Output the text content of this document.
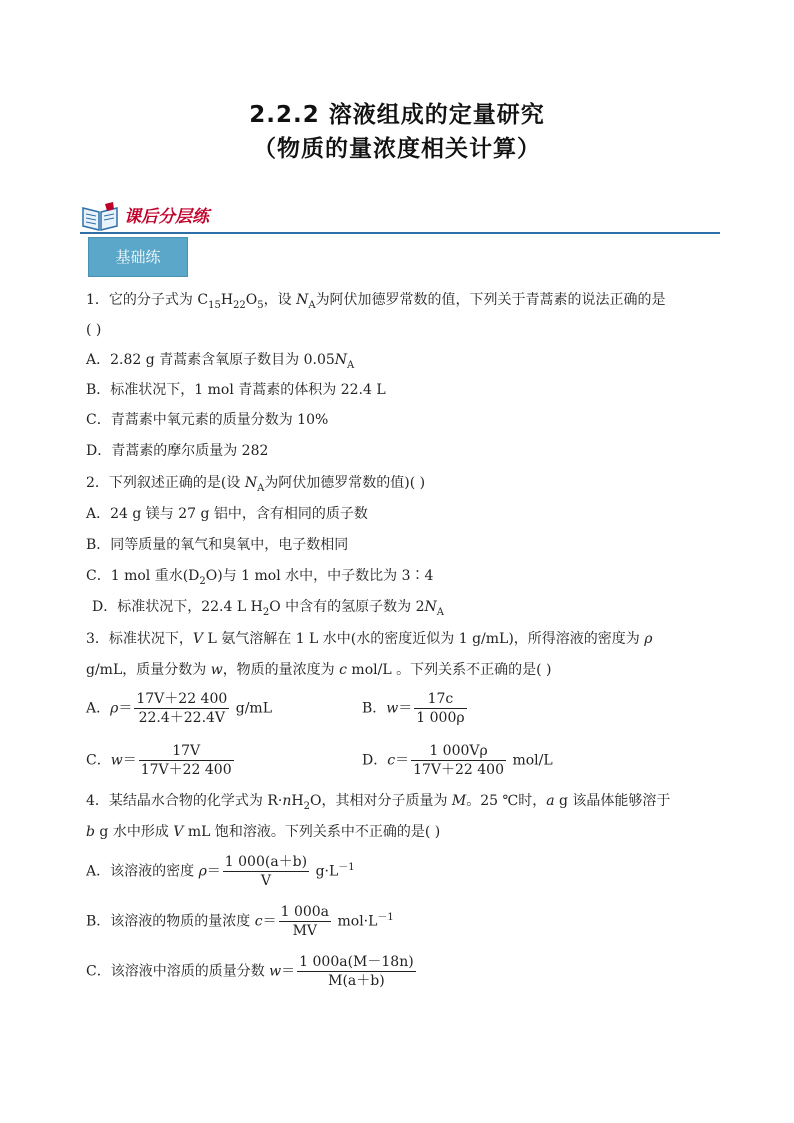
2.2.2 溶液组成的定量研究
（物质的量浓度相关计算）
课后分层练
基础练
1．它的分子式为 $C_{15}H_{22}O_5$，设 $N_A$为阿伏加德罗常数的值，下列关于青蒿素的说法正确的是
( )
A．2.82 g 青蒿素含氧原子数目为 $0.05N_A$
B．标准状况下，1 mol 青蒿素的体积为 22.4 L
C．青蒿素中氧元素的质量分数为 10%
D．青蒿素的摩尔质量为 282
2．下列叙述正确的是(设 $N_A$为阿伏加德罗常数的值)( )
A．24 g 镁与 27 g 铝中，含有相同的质子数
B．同等质量的氧气和臭氧中，电子数相同
C．1 mol 重水$(D_2O)$与 1 mol 水中，中子数比为 3∶4
D．标准状况下，22.4 L $H_2O$ 中含有的氢原子数为 $2N_A$
3．标准状况下，V L 氨气溶解在 1 L 水中(水的密度近似为 1 g/mL)，所得溶液的密度为 ρ
g/mL，质量分数为 w，物质的量浓度为 c mol/L 。下列关系不正确的是( )
A．$\rho= \frac{17V+22 400}{22.4+22.4V} g/mL$	B．$w= \frac{17c}{1 000\rho}$
C．$w= \frac{17V}{17V+22 400}$	D．$c= \frac{1 000V\rho}{17V+22 400} mol/L$
4．某结晶水合物的化学式为 $R\cdot nH_2O$，其相对分子质量为 M。25 ℃时，a g 该晶体能够溶于
b g 水中形成 V mL 饱和溶液。下列关系中不正确的是( )
A．该溶液的密度 $\rho= \frac{1 000(a+b)}{V} g\cdot L^{-1}$
B．该溶液的物质的量浓度 $c= \frac{1 000a}{MV} mol\cdot L^{-1}$
C．该溶液中溶质的质量分数 $w= \frac{1 000a(M-18n)}{M(a+b)}$
